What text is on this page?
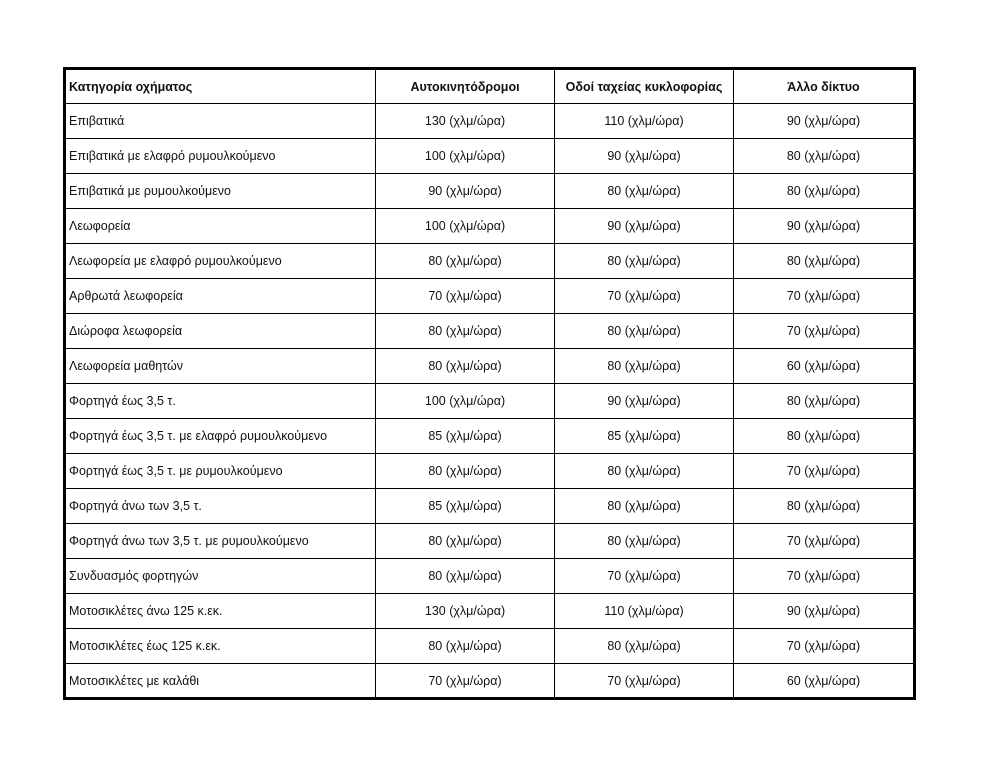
Κατηγορία οχήματος	Αυτοκινητόδρομοι	Οδοί ταχείας κυκλοφορίας	Άλλο δίκτυο
Επιβατικά	130 (χλμ/ώρα)	110 (χλμ/ώρα)	90 (χλμ/ώρα)
Επιβατικά με ελαφρό ρυμουλκούμενο	100 (χλμ/ώρα)	90 (χλμ/ώρα)	80 (χλμ/ώρα)
Επιβατικά με ρυμουλκούμενο	90 (χλμ/ώρα)	80 (χλμ/ώρα)	80 (χλμ/ώρα)
Λεωφορεία	100 (χλμ/ώρα)	90 (χλμ/ώρα)	90 (χλμ/ώρα)
Λεωφορεία με ελαφρό ρυμουλκούμενο	80 (χλμ/ώρα)	80 (χλμ/ώρα)	80 (χλμ/ώρα)
Αρθρωτά λεωφορεία	70 (χλμ/ώρα)	70 (χλμ/ώρα)	70 (χλμ/ώρα)
Διώροφα λεωφορεία	80 (χλμ/ώρα)	80 (χλμ/ώρα)	70 (χλμ/ώρα)
Λεωφορεία μαθητών	80 (χλμ/ώρα)	80 (χλμ/ώρα)	60 (χλμ/ώρα)
Φορτηγά έως 3,5 τ.	100 (χλμ/ώρα)	90 (χλμ/ώρα)	80 (χλμ/ώρα)
Φορτηγά έως 3,5 τ. με ελαφρό ρυμουλκούμενο	85 (χλμ/ώρα)	85 (χλμ/ώρα)	80 (χλμ/ώρα)
Φορτηγά έως 3,5 τ. με ρυμουλκούμενο	80 (χλμ/ώρα)	80 (χλμ/ώρα)	70 (χλμ/ώρα)
Φορτηγά άνω των 3,5 τ.	85 (χλμ/ώρα)	80 (χλμ/ώρα)	80 (χλμ/ώρα)
Φορτηγά άνω των 3,5 τ. με ρυμουλκούμενο	80 (χλμ/ώρα)	80 (χλμ/ώρα)	70 (χλμ/ώρα)
Συνδυασμός φορτηγών	80 (χλμ/ώρα)	70 (χλμ/ώρα)	70 (χλμ/ώρα)
Μοτοσικλέτες άνω 125 κ.εκ.	130 (χλμ/ώρα)	110 (χλμ/ώρα)	90 (χλμ/ώρα)
Μοτοσικλέτες έως 125 κ.εκ.	80 (χλμ/ώρα)	80 (χλμ/ώρα)	70 (χλμ/ώρα)
Μοτοσικλέτες με καλάθι	70 (χλμ/ώρα)	70 (χλμ/ώρα)	60 (χλμ/ώρα)
